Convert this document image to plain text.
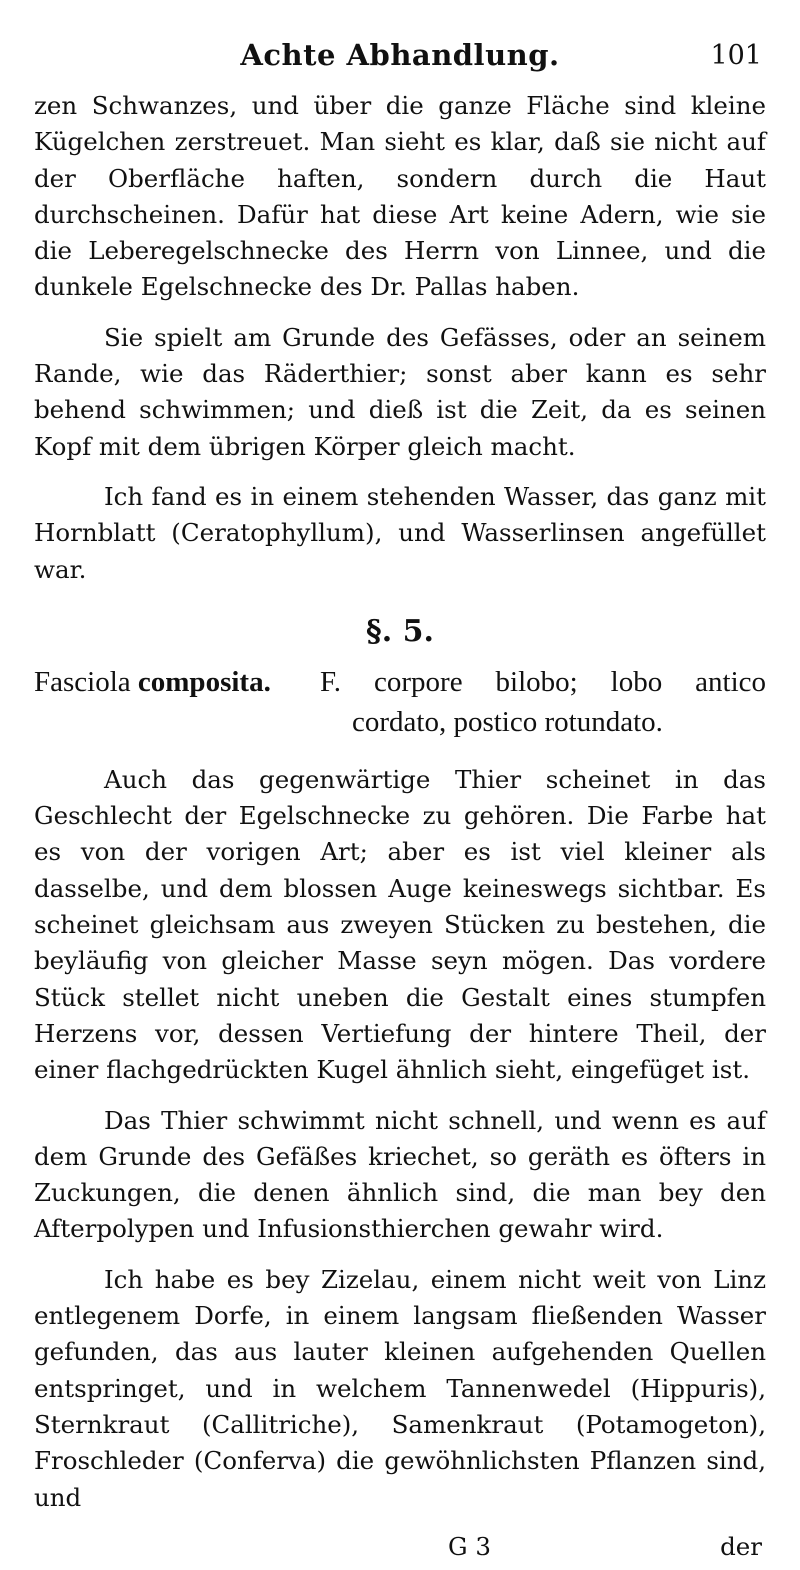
Achte Abhandlung.	101

zen Schwanzes, und über die ganze Fläche sind kleine Kügelchen zerstreuet. Man sieht es klar, daß sie nicht auf der Oberfläche haften, sondern durch die Haut durchscheinen. Dafür hat diese Art keine Adern, wie sie die Leberegelschnecke des Herrn von Linnee, und die dunkele Egelschnecke des Dr. Pallas haben.

Sie spielt am Grunde des Gefässes, oder an seinem Rande, wie das Räderthier; sonst aber kann es sehr behend schwimmen; und dieß ist die Zeit, da es seinen Kopf mit dem übrigen Körper gleich macht.

Ich fand es in einem stehenden Wasser, das ganz mit Hornblatt (Ceratophyllum), und Wasserlinsen angefüllet war.

§. 5.
Fasciola composita. F. corpore bilobo; lobo antico
cordato, postico rotundato.

Auch das gegenwärtige Thier scheinet in das Geschlecht der Egelschnecke zu gehören. Die Farbe hat es von der vorigen Art; aber es ist viel kleiner als dasselbe, und dem blossen Auge keineswegs sichtbar. Es scheinet gleichsam aus zweyen Stücken zu bestehen, die beyläufig von gleicher Masse seyn mögen. Das vordere Stück stellet nicht uneben die Gestalt eines stumpfen Herzens vor, dessen Vertiefung der hintere Theil, der einer flachgedrückten Kugel ähnlich sieht, eingefüget ist.

Das Thier schwimmt nicht schnell, und wenn es auf dem Grunde des Gefäßes kriechet, so geräth es öfters in Zuckungen, die denen ähnlich sind, die man bey den Afterpolypen und Infusionsthierchen gewahr wird.

Ich habe es bey Zizelau, einem nicht weit von Linz entlegenem Dorfe, in einem langsam fließenden Wasser gefunden, das aus lauter kleinen aufgehenden Quellen entspringet, und in welchem Tannenwedel (Hippuris), Sternkraut (Callitriche), Samenkraut (Potamogeton), Froschleder (Conferva) die gewöhnlichsten Pflanzen sind, und

G 3	der
